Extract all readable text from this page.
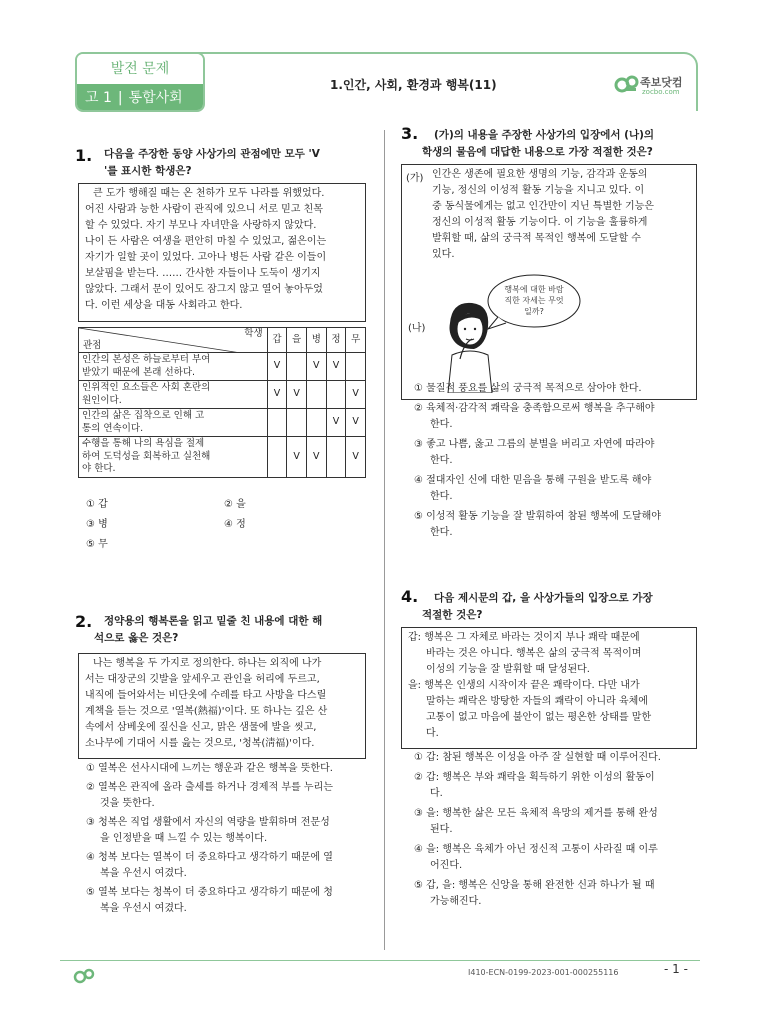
발전 문제
고 1 | 통합사회
1.인간, 사회, 환경과 행복(11)	족보닷컴
zocbo.com
1. 다음을 주장한 동양 사상가의 관점에만 모두 'V
'를 표시한 학생은?
큰 도가 행해질 때는 온 천하가 모두 나라를 위했었다.
어진 사람과 능한 사람이 관직에 있으니 서로 믿고 친목
할 수 있었다. 자기 부모나 자녀만을 사랑하지 않았다.
나이 든 사람은 여생을 편안히 마칠 수 있었고, 젊은이는
자기가 일할 곳이 있었다. 고아나 병든 사람 같은 이들이
보살핌을 받는다. …… 간사한 자들이나 도둑이 생기지
않았다. 그래서 문이 있어도 잠그지 않고 열어 놓아두었
다. 이런 세상을 대동 사회라고 한다.
학생
관점	갑	을	병	정	무

인간의 본성은 하늘로부터 부여
받았기 때문에 본래 선하다.	V		V	V	

인위적인 요소들은 사회 혼란의
원인이다.	V	V			V

인간의 삶은 집착으로 인해 고
통의 연속이다.				V	V

수행을 통해 나의 욕심을 절제
하여 도덕성을 회복하고 실천해
야 한다.		V	V		V
① 갑	② 을
③ 병	④ 정
⑤ 무
2. 정약용의 행복론을 읽고 밑줄 친 내용에 대한 해
석으로 옳은 것은?
나는 행복을 두 가지로 정의한다. 하나는 외직에 나가
서는 대장군의 깃발을 앞세우고 관인을 허리에 두르고,
내직에 들어와서는 비단옷에 수레를 타고 사방을 다스릴
계책을 듣는 것으로 '열복(熱福)'이다. 또 하나는 깊은 산
속에서 삼베옷에 짚신을 신고, 맑은 샘물에 발을 씻고,
소나무에 기대어 시를 읊는 것으로, '청복(淸福)'이다.
① 열복은 선사시대에 느끼는 행운과 같은 행복을 뜻한다.
② 열복은 관직에 올라 출세를 하거나 경제적 부를 누리는
것을 뜻한다.
③ 청복은 직업 생활에서 자신의 역량을 발휘하며 전문성
을 인정받을 때 느낄 수 있는 행복이다.
④ 청복 보다는 열복이 더 중요하다고 생각하기 때문에 열
복을 우선시 여겼다.
⑤ 열복 보다는 청복이 더 중요하다고 생각하기 때문에 청
복을 우선시 여겼다.
3. (가)의 내용을 주장한 사상가의 입장에서 (나)의
학생의 물음에 대답한 내용으로 가장 적절한 것은?
(가) 인간은 생존에 필요한 생명의 기능, 감각과 운동의
기능, 정신의 이성적 활동 기능을 지니고 있다. 이
중 동식물에게는 없고 인간만이 지닌 특별한 기능은
정신의 이성적 활동 기능이다. 이 기능을 훌륭하게
발휘할 때, 삶의 궁극적 목적인 행복에 도달할 수
있다.
(나)
행복에 대한 바람
직한 자세는 무엇
일까?
① 물질적 풍요를 삶의 궁극적 목적으로 삼아야 한다.
② 육체적·감각적 쾌락을 충족함으로써 행복을 추구해야
한다.
③ 좋고 나쁨, 옳고 그름의 분별을 버리고 자연에 따라야
한다.
④ 절대자인 신에 대한 믿음을 통해 구원을 받도록 해야
한다.
⑤ 이성적 활동 기능을 잘 발휘하여 참된 행복에 도달해야
한다.
4. 다음 제시문의 갑, 을 사상가들의 입장으로 가장
적절한 것은?
갑: 행복은 그 자체로 바라는 것이지 부나 쾌락 때문에
바라는 것은 아니다. 행복은 삶의 궁극적 목적이며
이성의 기능을 잘 발휘할 때 달성된다.
을: 행복은 인생의 시작이자 끝은 쾌락이다. 다만 내가
말하는 쾌락은 방탕한 자들의 쾌락이 아니라 육체에
고통이 없고 마음에 불안이 없는 평온한 상태를 말한
다.
① 갑: 참된 행복은 이성을 아주 잘 실현할 때 이루어진다.
② 갑: 행복은 부와 쾌락을 획득하기 위한 이성의 활동이
다.
③ 을: 행복한 삶은 모든 육체적 욕망의 제거를 통해 완성
된다.
④ 을: 행복은 육체가 아닌 정신적 고통이 사라질 때 이루
어진다.
⑤ 갑, 을: 행복은 신앙을 통해 완전한 신과 하나가 될 때
가능해진다.
I410-ECN-0199-2023-001-000255116	- 1 -
